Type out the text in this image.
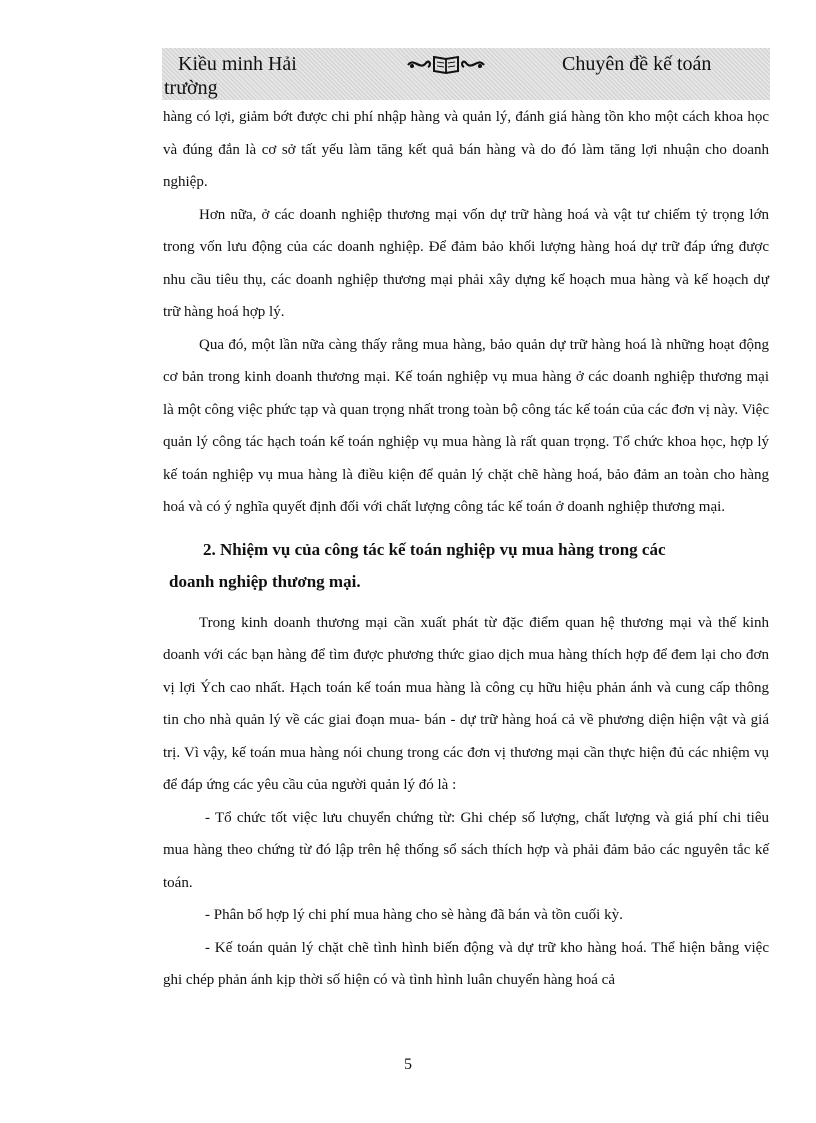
Kiều minh Hải
trường
Chuyên đề kế toán

hàng có lợi, giảm bớt được chi phí nhập hàng và quản lý, đánh giá hàng tồn kho một cách khoa học và đúng đắn là cơ sở tất yếu làm tăng kết quả bán hàng và do đó làm tăng lợi nhuận cho doanh nghiệp.

Hơn nữa, ở các doanh nghiệp thương mại vốn dự trữ hàng hoá và vật tư chiếm tỷ trọng lớn trong vốn lưu động của các doanh nghiệp. Để đảm bảo khối lượng hàng hoá dự trữ đáp ứng được nhu cầu tiêu thụ, các doanh nghiệp thương mại phải xây dựng kế hoạch mua hàng và kế hoạch dự trữ hàng hoá hợp lý.

Qua đó, một lần nữa càng thấy rằng mua hàng, bảo quản dự trữ hàng hoá là những hoạt động cơ bản trong kinh doanh thương mại. Kế toán nghiệp vụ mua hàng ở các doanh nghiệp thương mại là một công việc phức tạp và quan trọng nhất trong toàn bộ công tác kế toán của các đơn vị này. Việc quản lý công tác hạch toán kế toán nghiệp vụ mua hàng là rất quan trọng. Tổ chức khoa học, hợp lý kế toán nghiệp vụ mua hàng là điều kiện để quản lý chặt chẽ hàng hoá, bảo đảm an toàn cho hàng hoá và có ý nghĩa quyết định đối với chất lượng công tác kế toán ở doanh nghiệp thương mại.

2. Nhiệm vụ của công tác kế toán nghiệp vụ mua hàng trong các
doanh nghiệp thương mại.

Trong kinh doanh thương mại cần xuất phát từ đặc điểm quan hệ thương mại và thế kinh doanh với các bạn hàng để tìm được phương thức giao dịch mua hàng thích hợp để đem lại cho đơn vị lợi Ých cao nhất. Hạch toán kế toán mua hàng là công cụ hữu hiệu phản ánh và cung cấp thông tin cho nhà quản lý về các giai đoạn mua- bán - dự trữ hàng hoá cả về phương diện hiện vật và giá trị. Vì vậy, kế toán mua hàng nói chung trong các đơn vị thương mại cần thực hiện đủ các nhiệm vụ để đáp ứng các yêu cầu của người quản lý đó là :

- Tổ chức tốt việc lưu chuyển chứng từ: Ghi chép số lượng, chất lượng và giá phí chi tiêu mua hàng theo chứng từ đó lập trên hệ thống sổ sách thích hợp và phải đảm bảo các nguyên tắc kế toán.

- Phân bổ hợp lý chi phí mua hàng cho sè hàng đã bán và tồn cuối kỳ.

- Kế toán quản lý chặt chẽ tình hình biến động và dự trữ kho hàng hoá. Thể hiện bằng việc ghi chép phản ánh kịp thời số hiện có và tình hình luân chuyển hàng hoá cả

5
